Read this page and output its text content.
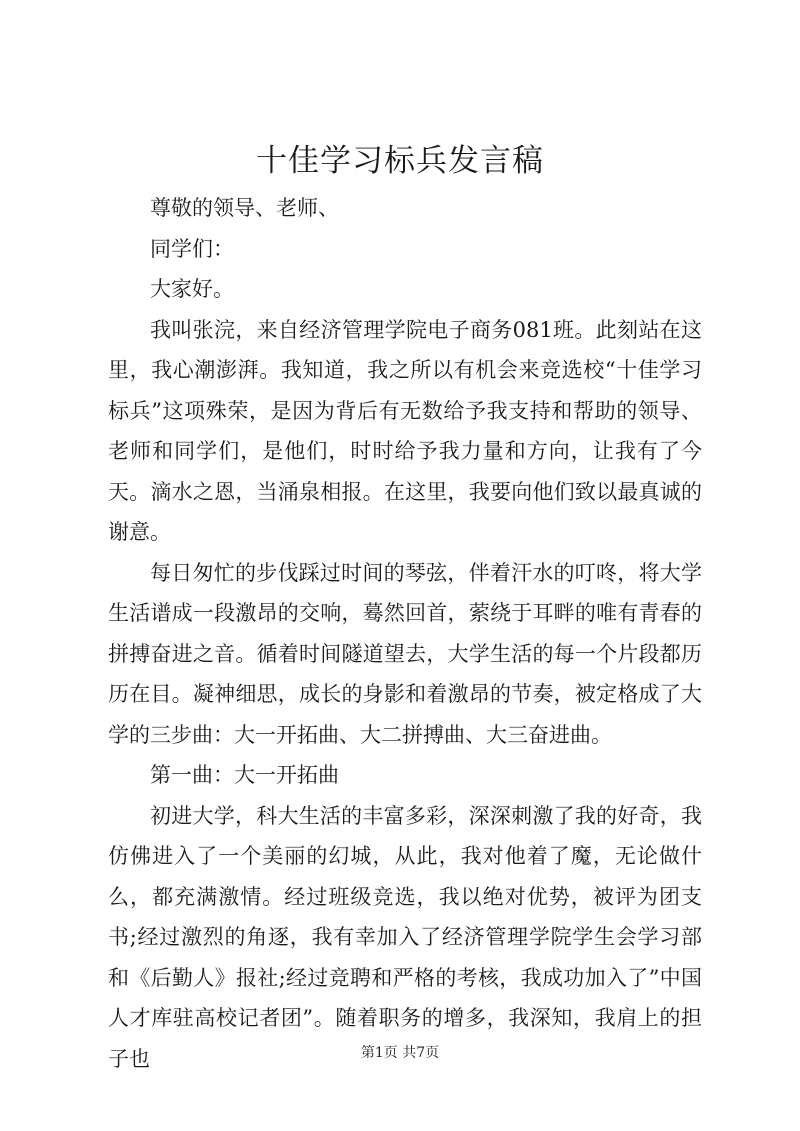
十佳学习标兵发言稿

尊敬的领导、老师、

同学们：

大家好。

我叫张浣，来自经济管理学院电子商务081班。此刻站在这里，我心潮澎湃。我知道，我之所以有机会来竞选校“十佳学习标兵”这项殊荣，是因为背后有无数给予我支持和帮助的领导、老师和同学们，是他们，时时给予我力量和方向，让我有了今天。滴水之恩，当涌泉相报。在这里，我要向他们致以最真诚的谢意。

每日匆忙的步伐踩过时间的琴弦，伴着汗水的叮咚，将大学生活谱成一段激昂的交响，蓦然回首，萦绕于耳畔的唯有青春的拼搏奋进之音。循着时间隧道望去，大学生活的每一个片段都历历在目。凝神细思，成长的身影和着激昂的节奏，被定格成了大学的三步曲：大一开拓曲、大二拼搏曲、大三奋进曲。

第一曲：大一开拓曲

初进大学，科大生活的丰富多彩，深深刺激了我的好奇，我仿佛进入了一个美丽的幻城，从此，我对他着了魔，无论做什么，都充满激情。经过班级竞选，我以绝对优势，被评为团支书;经过激烈的角逐，我有幸加入了经济管理学院学生会学习部和《后勤人》报社;经过竞聘和严格的考核，我成功加入了”中国人才库驻高校记者团”。随着职务的增多，我深知，我肩上的担子也	第1页 共7页
